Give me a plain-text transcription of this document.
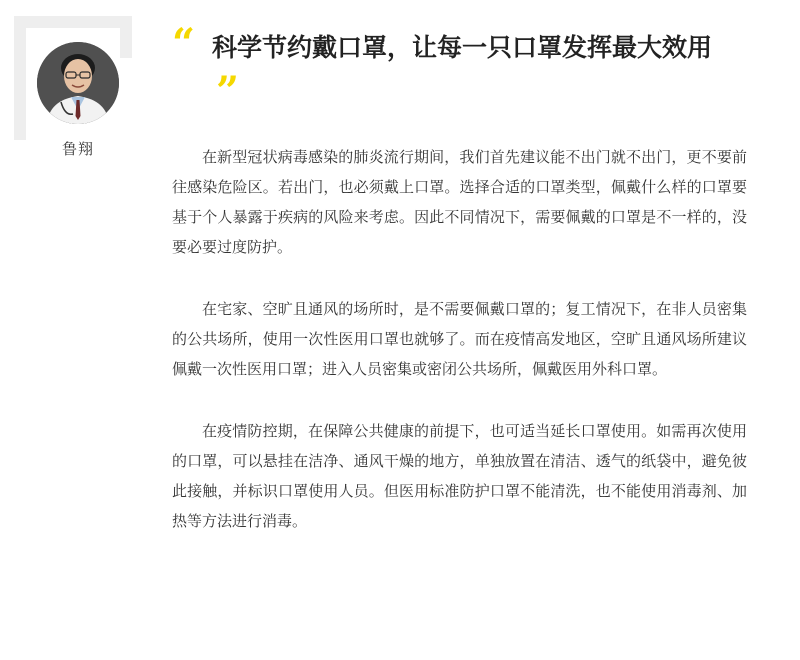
鲁翔
“ 科学节约戴口罩，让每一只口罩发挥最大效用”

在新型冠状病毒感染的肺炎流行期间，我们首先建议能不出门就不出门，更不要前往感染危险区。若出门，也必须戴上口罩。选择合适的口罩类型，佩戴什么样的口罩要基于个人暴露于疾病的风险来考虑。因此不同情况下，需要佩戴的口罩是不一样的，没要必要过度防护。

在宅家、空旷且通风的场所时，是不需要佩戴口罩的；复工情况下，在非人员密集的公共场所，使用一次性医用口罩也就够了。而在疫情高发地区，空旷且通风场所建议佩戴一次性医用口罩；进入人员密集或密闭公共场所，佩戴医用外科口罩。

在疫情防控期，在保障公共健康的前提下，也可适当延长口罩使用。如需再次使用的口罩，可以悬挂在洁净、通风干燥的地方，单独放置在清洁、透气的纸袋中，避免彼此接触，并标识口罩使用人员。但医用标准防护口罩不能清洗，也不能使用消毒剂、加热等方法进行消毒。
